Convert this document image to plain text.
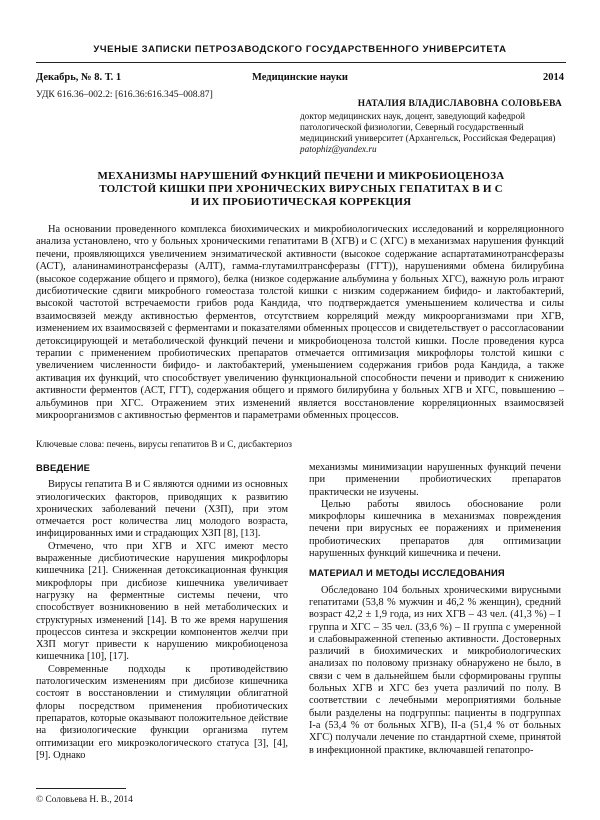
УЧЕНЫЕ ЗАПИСКИ ПЕТРОЗАВОДСКОГО ГОСУДАРСТВЕННОГО УНИВЕРСИТЕТА
Декабрь, № 8. Т. 1	Медицинские науки	2014
УДК 616.36–002.2: [616.36:616.345–008.87]
НАТАЛИЯ ВЛАДИСЛАВОВНА СОЛОВЬЕВА
доктор медицинских наук, доцент, заведующий кафедрой патологической физиологии, Северный государственный медицинский университет (Архангельск, Российская Федерация)
patophiz@yandex.ru
МЕХАНИЗМЫ НАРУШЕНИЙ ФУНКЦИЙ ПЕЧЕНИ И МИКРОБИОЦЕНОЗА
ТОЛСТОЙ КИШКИ ПРИ ХРОНИЧЕСКИХ ВИРУСНЫХ ГЕПАТИТАХ В И С
И ИХ ПРОБИОТИЧЕСКАЯ КОРРЕКЦИЯ

На основании проведенного комплекса биохимических и микробиологических исследований и корреляционного анализа установлено, что у больных хроническими гепатитами В (ХГВ) и С (ХГС) в механизмах нарушения функций печени, проявляющихся увеличением энзиматической активности (высокое содержание аспартатаминотрансферазы (АСТ), аланинаминотрансферазы (АЛТ), гамма-глутамилтрансферазы (ГГТ)), нарушениями обмена билирубина (высокое содержание общего и прямого), белка (низкое содержание альбумина у больных ХГС), важную роль играют дисбиотические сдвиги микробного гомеостаза толстой кишки с низким содержанием бифидо- и лактобактерий, высокой частотой встречаемости грибов рода Кандида, что подтверждается уменьшением количества и силы взаимосвязей между активностью ферментов, отсутствием корреляций между микроорганизмами при ХГВ, изменением их взаимосвязей с ферментами и показателями обменных процессов и свидетельствует о рассогласовании детоксицирующей и метаболической функций печени и микробиоценоза толстой кишки. После проведения курса терапии с применением пробиотических препаратов отмечается оптимизация микрофлоры толстой кишки с увеличением численности бифидо- и лактобактерий, уменьшением содержания грибов рода Кандида, а также активация их функций, что способствует увеличению функциональной способности печени и приводит к снижению активности ферментов (АСТ, ГГТ), содержания общего и прямого билирубина у больных ХГВ и ХГС, повышению – альбуминов при ХГС. Отражением этих изменений является восстановление корреляционных взаимосвязей микроорганизмов с активностью ферментов и параметрами обменных процессов.

Ключевые слова: печень, вирусы гепатитов В и С, дисбактериоз
ВВЕДЕНИЕ

Вирусы гепатита В и С являются одними из основных этиологических факторов, приводящих к развитию хронических заболеваний печени (ХЗП), при этом отмечается рост количества лиц молодого возраста, инфицированных ими и страдающих ХЗП [8], [13].

Отмечено, что при ХГВ и ХГС имеют место выраженные дисбиотические нарушения микрофлоры кишечника [21]. Сниженная детоксикационная функция микрофлоры при дисбиозе кишечника увеличивает нагрузку на ферментные системы печени, что способствует возникновению в ней метаболических и структурных изменений [14]. В то же время нарушения процессов синтеза и экскреции компонентов желчи при ХЗП могут привести к нарушению микробиоценоза кишечника [10], [17].

Современные подходы к противодействию патологическим изменениям при дисбиозе кишечника состоят в восстановлении и стимуляции облигатной флоры посредством применения пробиотических препаратов, которые оказывают положительное действие на физиологические функции организма путем оптимизации его микроэкологического статуса [3], [4], [9]. Однако

механизмы минимизации нарушенных функций печени при применении пробиотических препаратов практически не изучены.

Целью работы явилось обоснование роли микрофлоры кишечника в механизмах повреждения печени при вирусных ее поражениях и применения пробиотических препаратов для оптимизации нарушенных функций кишечника и печени.

МАТЕРИАЛ И МЕТОДЫ ИССЛЕДОВАНИЯ

Обследовано 104 больных хроническими вирусными гепатитами (53,8 % мужчин и 46,2 % женщин), средний возраст 42,2 ± 1,9 года, из них ХГВ – 43 чел. (41,3 %) – I группа и ХГС – 35 чел. (33,6 %) – II группа с умеренной и слабовыраженной степенью активности. Достоверных различий в биохимических и микробиологических анализах по половому признаку обнаружено не было, в связи с чем в дальнейшем были сформированы группы больных ХГВ и ХГС без учета различий по полу. В соответствии с лечебными мероприятиями больные были разделены на подгруппы: пациенты в подгруппах I-а (53,4 % от больных ХГВ), II-а (51,4 % от больных ХГС) получали лечение по стандартной схеме, принятой в инфекционной практике, включавшей гепатопро-

© Соловьева Н. В., 2014
